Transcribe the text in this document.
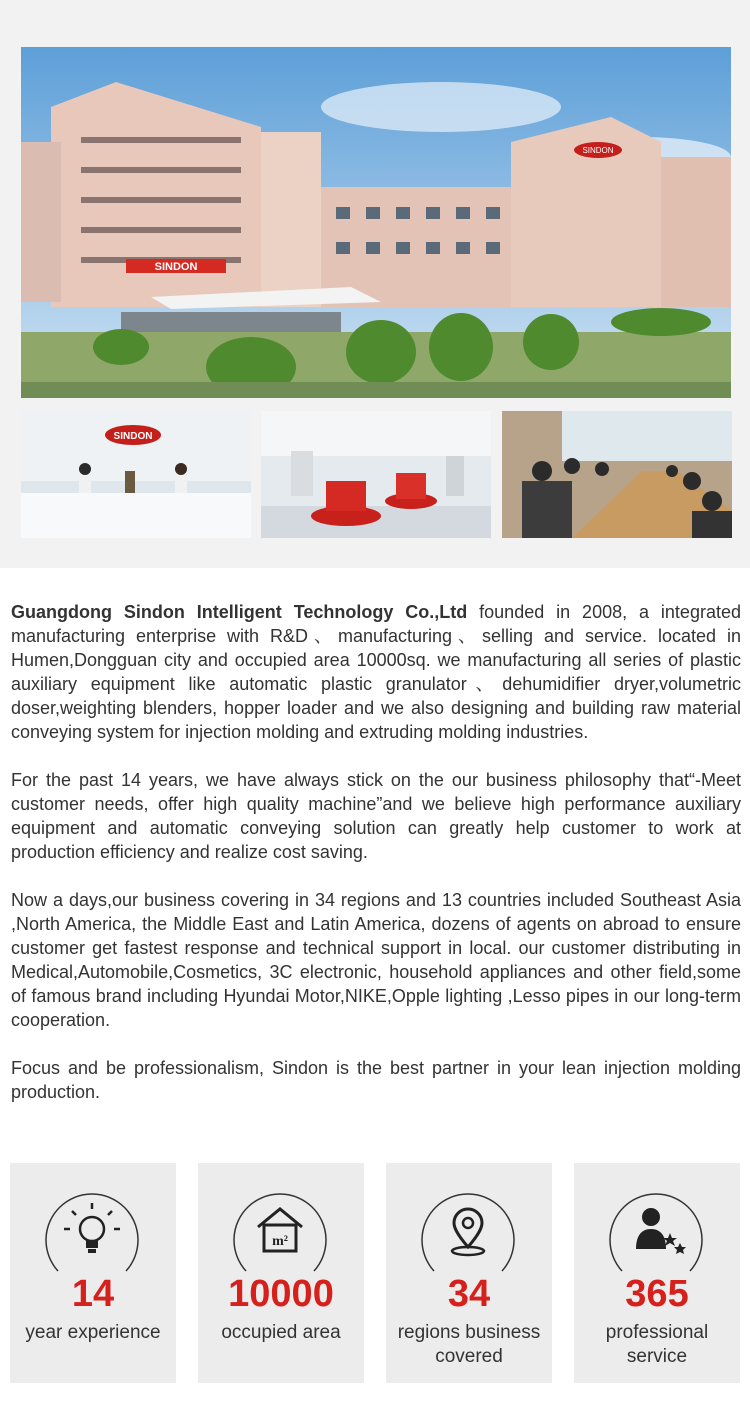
SINDON
SINDON
SINDON

Guangdong Sindon Intelligent Technology Co.,Ltd founded in 2008, a integrated manufacturing enterprise with R&D、manufacturing、selling and service. located in Humen,Dongguan city and occupied area 10000sq. we manufacturing all series of plastic auxiliary equipment like automatic plastic granulator、dehumidifier dryer,volumetric doser,weighting blenders, hopper loader and we also designing and building raw material conveying system for injection molding and extruding molding industries.

For the past 14 years, we have always stick on the our business philosophy that“-Meet customer needs, offer high quality machine”and we believe high performance auxiliary equipment and automatic conveying solution can greatly help customer to work at production efficiency and realize cost saving.

Now a days,our business covering in 34 regions and 13 countries included Southeast Asia ,North America, the Middle East and Latin America, dozens of agents on abroad to ensure customer get fastest response and technical support in local. our customer distributing in Medical,Automobile,Cosmetics, 3C electronic, household appliances and other field,some of famous brand including Hyundai Motor,NIKE,Opple lighting ,Lesso pipes in our long-term cooperation.

Focus and be professionalism, Sindon is the best partner in your lean injection molding production.

14
year experience
m²
10000
occupied area
34
regions business covered
365
professional service
